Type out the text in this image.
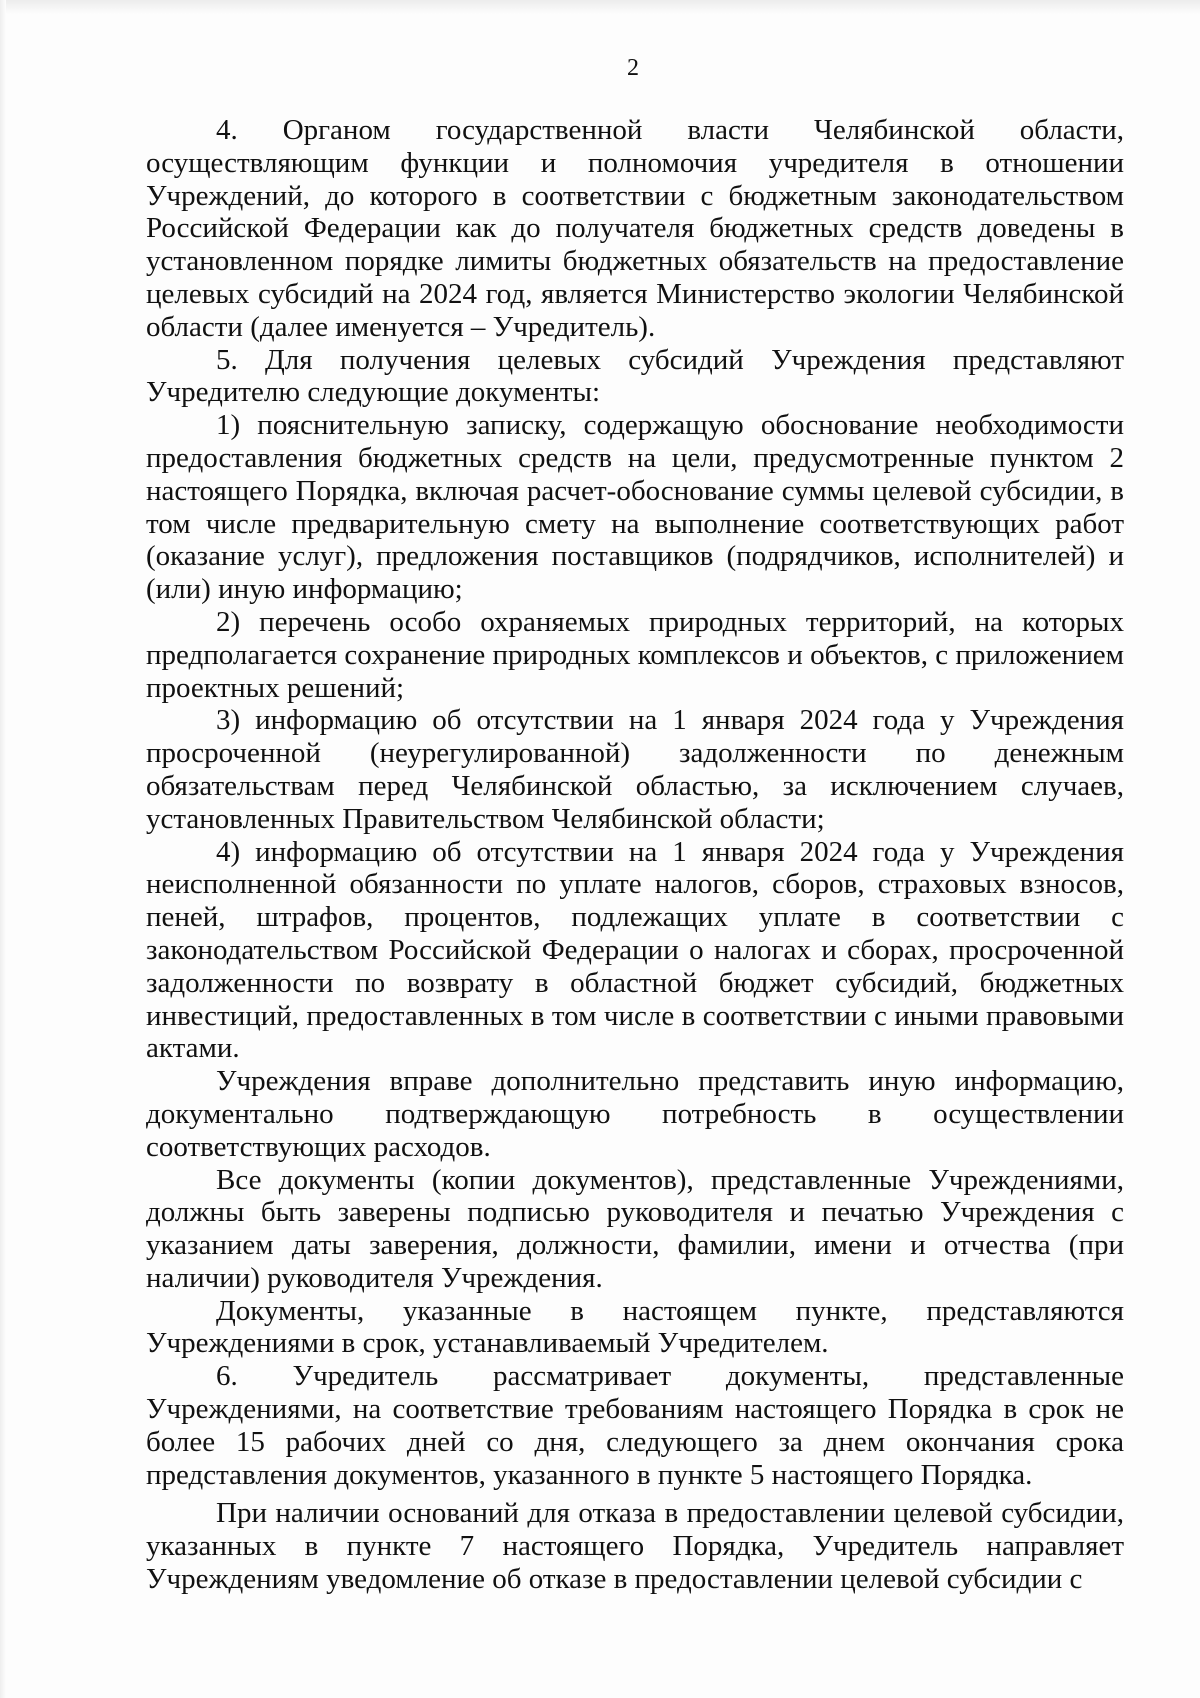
2

4. Органом государственной власти Челябинской области, осуществляющим функции и полномочия учредителя в отношении Учреждений, до которого в соответствии с бюджетным законодательством Российской Федерации как до получателя бюджетных средств доведены в установленном порядке лимиты бюджетных обязательств на предоставление целевых субсидий на 2024 год, является Министерство экологии Челябинской области (далее именуется – Учредитель).

5. Для получения целевых субсидий Учреждения представляют Учредителю следующие документы:

1) пояснительную записку, содержащую обоснование необходимости предоставления бюджетных средств на цели, предусмотренные пунктом 2 настоящего Порядка, включая расчет-обоснование суммы целевой субсидии, в том числе предварительную смету на выполнение соответствующих работ (оказание услуг), предложения поставщиков (подрядчиков, исполнителей) и (или) иную информацию;

2) перечень особо охраняемых природных территорий, на которых предполагается сохранение природных комплексов и объектов, с приложением проектных решений;

3) информацию об отсутствии на 1 января 2024 года у Учреждения просроченной (неурегулированной) задолженности по денежным обязательствам перед Челябинской областью, за исключением случаев, установленных Правительством Челябинской области;

4) информацию об отсутствии на 1 января 2024 года у Учреждения неисполненной обязанности по уплате налогов, сборов, страховых взносов, пеней, штрафов, процентов, подлежащих уплате в соответствии с законодательством Российской Федерации о налогах и сборах, просроченной задолженности по возврату в областной бюджет субсидий, бюджетных инвестиций, предоставленных в том числе в соответствии с иными правовыми актами.

Учреждения вправе дополнительно представить иную информацию, документально подтверждающую потребность в осуществлении соответствующих расходов.

Все документы (копии документов), представленные Учреждениями, должны быть заверены подписью руководителя и печатью Учреждения с указанием даты заверения, должности, фамилии, имени и отчества (при наличии) руководителя Учреждения.

Документы, указанные в настоящем пункте, представляются Учреждениями в срок, устанавливаемый Учредителем.

6. Учредитель рассматривает документы, представленные Учреждениями, на соответствие требованиям настоящего Порядка в срок не более 15 рабочих дней со дня, следующего за днем окончания срока представления документов, указанного в пункте 5 настоящего Порядка.

При наличии оснований для отказа в предоставлении целевой субсидии, указанных в пункте 7 настоящего Порядка, Учредитель направляет Учреждениям уведомление об отказе в предоставлении целевой субсидии с
